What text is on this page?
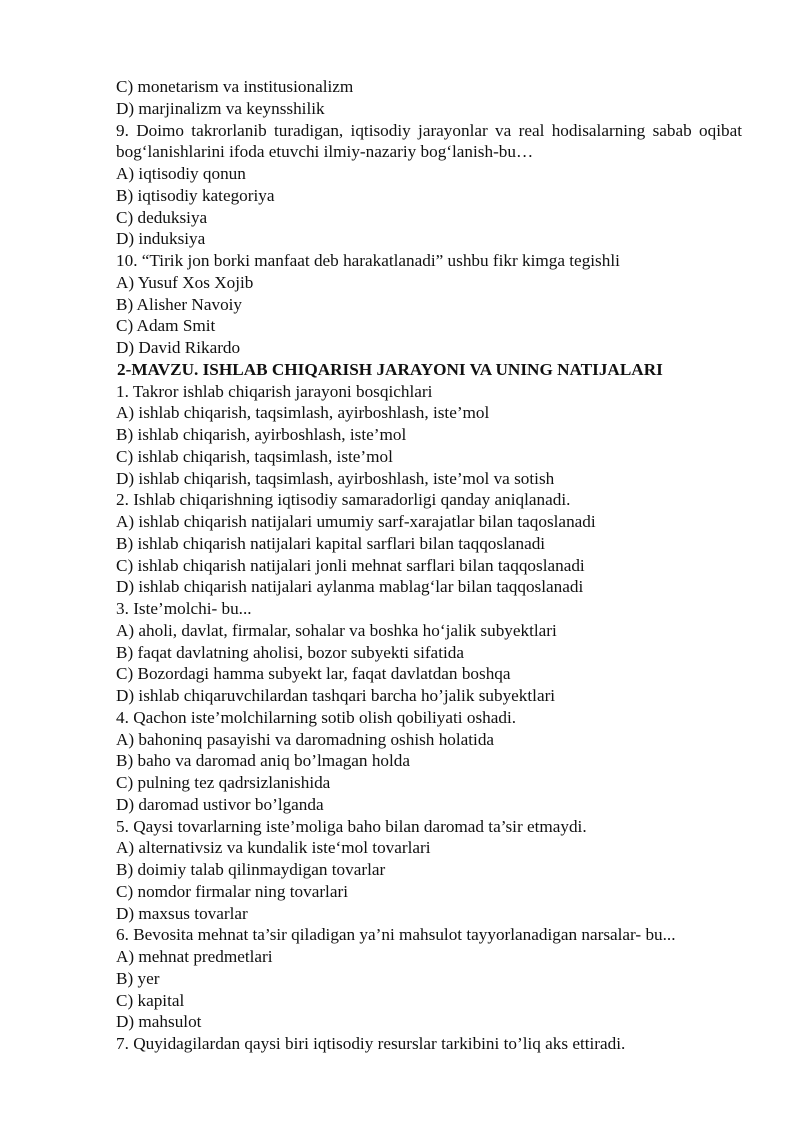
C) monetarism va institusionalizm
D) marjinalizm va keynsshilik
9. Doimo takrorlanib turadigan, iqtisodiy jarayonlar va real hodisalarning sabab oqibat bog‘lanishlarini ifoda etuvchi ilmiy-nazariy bog‘lanish-bu…
A) iqtisodiy qonun
B) iqtisodiy kategoriya
C) deduksiya
D) induksiya
10. “Tirik jon borki manfaat deb harakatlanadi” ushbu fikr kimga tegishli
A) Yusuf Xos Xojib
B) Alisher Navoiy
C) Adam Smit
D) David Rikardo
2-MAVZU. ISHLAB CHIQARISH JARAYONI VA UNING NATIJALARI
1. Takror ishlab chiqarish jarayoni bosqichlari
A) ishlab chiqarish, taqsimlash, ayirboshlash, iste’mol
B) ishlab chiqarish, ayirboshlash, iste’mol
C) ishlab chiqarish, taqsimlash, iste’mol
D) ishlab chiqarish, taqsimlash, ayirboshlash, iste’mol va sotish
2. Ishlab chiqarishning iqtisodiy samaradorligi qanday aniqlanadi.
A) ishlab chiqarish natijalari umumiy sarf-xarajatlar bilan taqoslanadi
B) ishlab chiqarish natijalari kapital sarflari bilan taqqoslanadi
C) ishlab chiqarish natijalari jonli mehnat sarflari bilan taqqoslanadi
D) ishlab chiqarish natijalari aylanma mablag‘lar bilan taqqoslanadi
3. Iste’molchi- bu...
A) aholi, davlat, firmalar, sohalar va boshka ho‘jalik subyektlari
B) faqat davlatning aholisi, bozor subyekti sifatida
C) Bozordagi hamma subyekt lar, faqat davlatdan boshqa
D) ishlab chiqaruvchilardan tashqari barcha ho’jalik subyektlari
4. Qachon iste’molchilarning sotib olish qobiliyati oshadi.
A) bahoninq pasayishi va daromadning oshish holatida
B) baho va daromad aniq bo’lmagan holda
C) pulning tez qadrsizlanishida
D) daromad ustivor bo’lganda
5. Qaysi tovarlarning iste’moliga baho bilan daromad ta’sir etmaydi.
A) alternativsiz va kundalik iste‘mol tovarlari
B) doimiy talab qilinmaydigan tovarlar
C) nomdor firmalar ning tovarlari
D) maxsus tovarlar
6. Bevosita mehnat ta’sir qiladigan ya’ni mahsulot tayyorlanadigan narsalar- bu...
A) mehnat predmetlari
B) yer
C) kapital
D) mahsulot
7. Quyidagilardan qaysi biri iqtisodiy resurslar tarkibini to’liq aks ettiradi.
